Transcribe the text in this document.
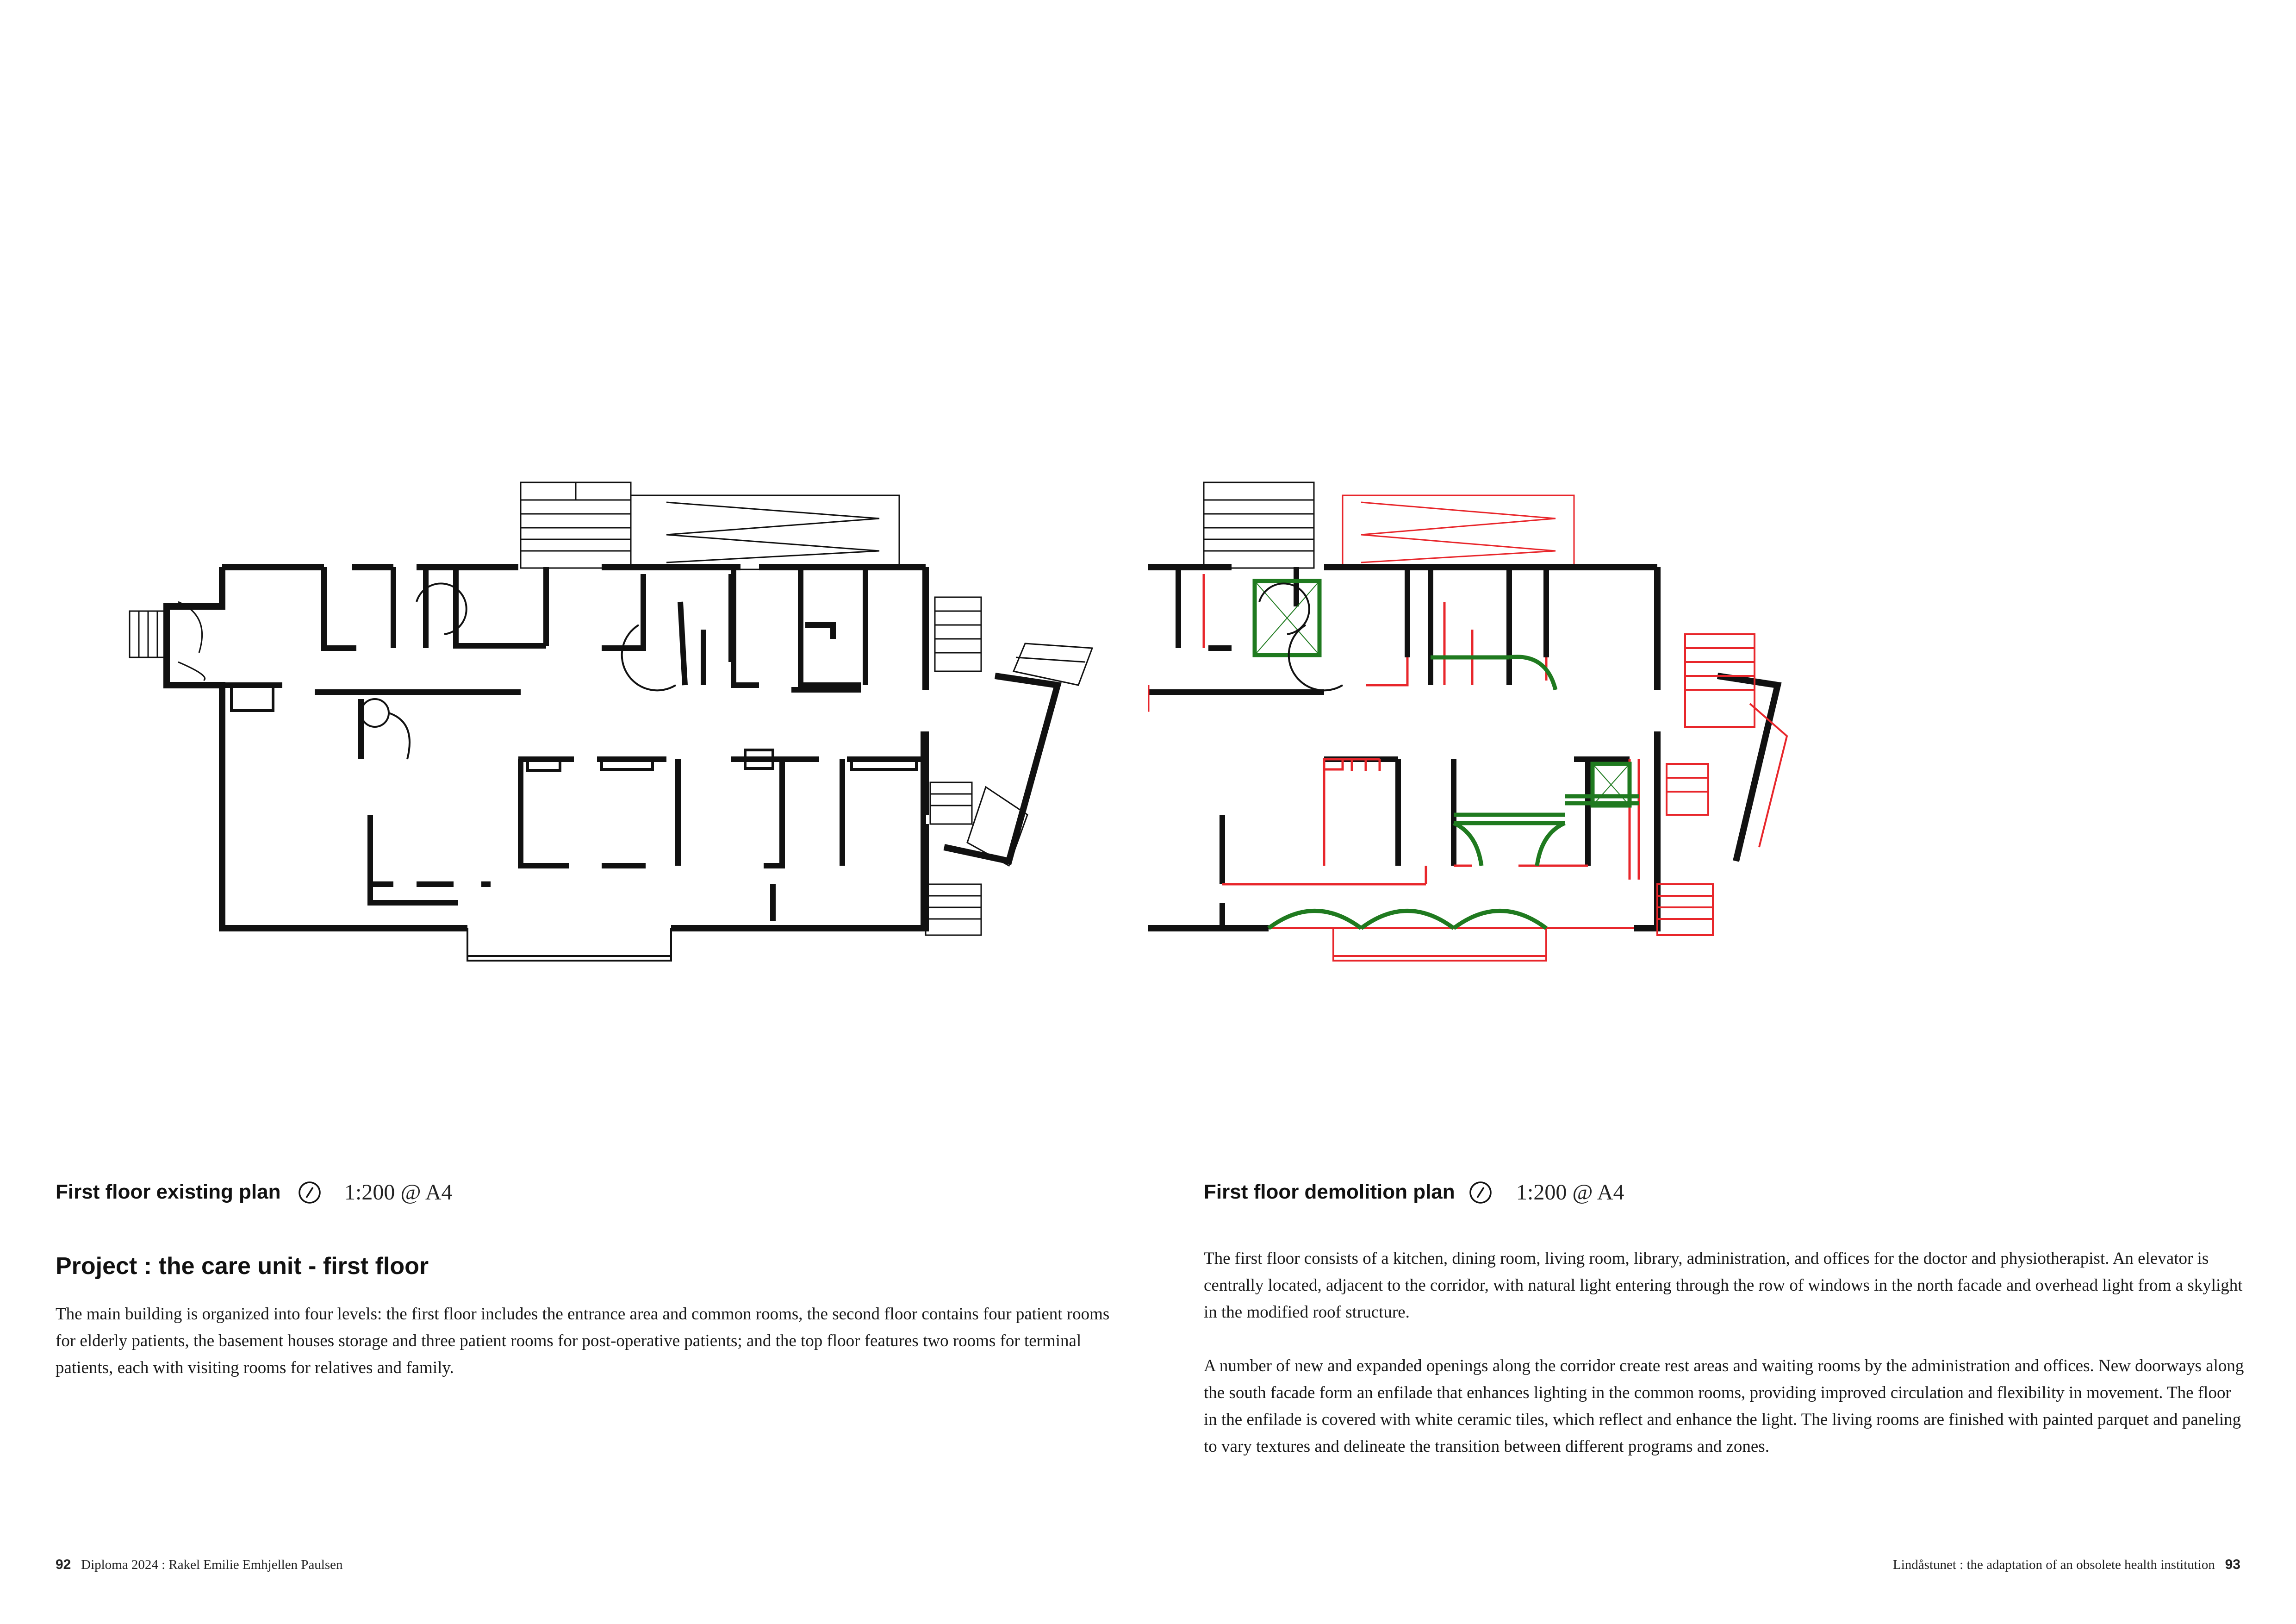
First floor existing plan	1:200 @ A4
Project : the care unit - first floor
The main building is organized into four levels: the first floor includes the entrance area and common rooms, the second floor contains four patient rooms for elderly patients, the basement houses storage and three patient rooms for post-operative patients; and the top floor features two rooms for terminal patients, each with visiting rooms for relatives and family.
92 Diploma 2024 : Rakel Emilie Emhjellen Paulsen
First floor demolition plan	1:200 @ A4

The first floor consists of a kitchen, dining room, living room, library, administration, and offices for the doctor and physiotherapist. An elevator is centrally located, adjacent to the corridor, with natural light entering through the row of windows in the north facade and overhead light from a skylight in the modified roof structure.

A number of new and expanded openings along the corridor create rest areas and waiting rooms by the administration and offices. New doorways along the south facade form an enfilade that enhances lighting in the common rooms, providing improved circulation and flexibility in movement. The floor in the enfilade is covered with white ceramic tiles, which reflect and enhance the light. The living rooms are finished with painted parquet and paneling to vary textures and delineate the transition between different programs and zones.

Lindåstunet : the adaptation of an obsolete health institution 93
